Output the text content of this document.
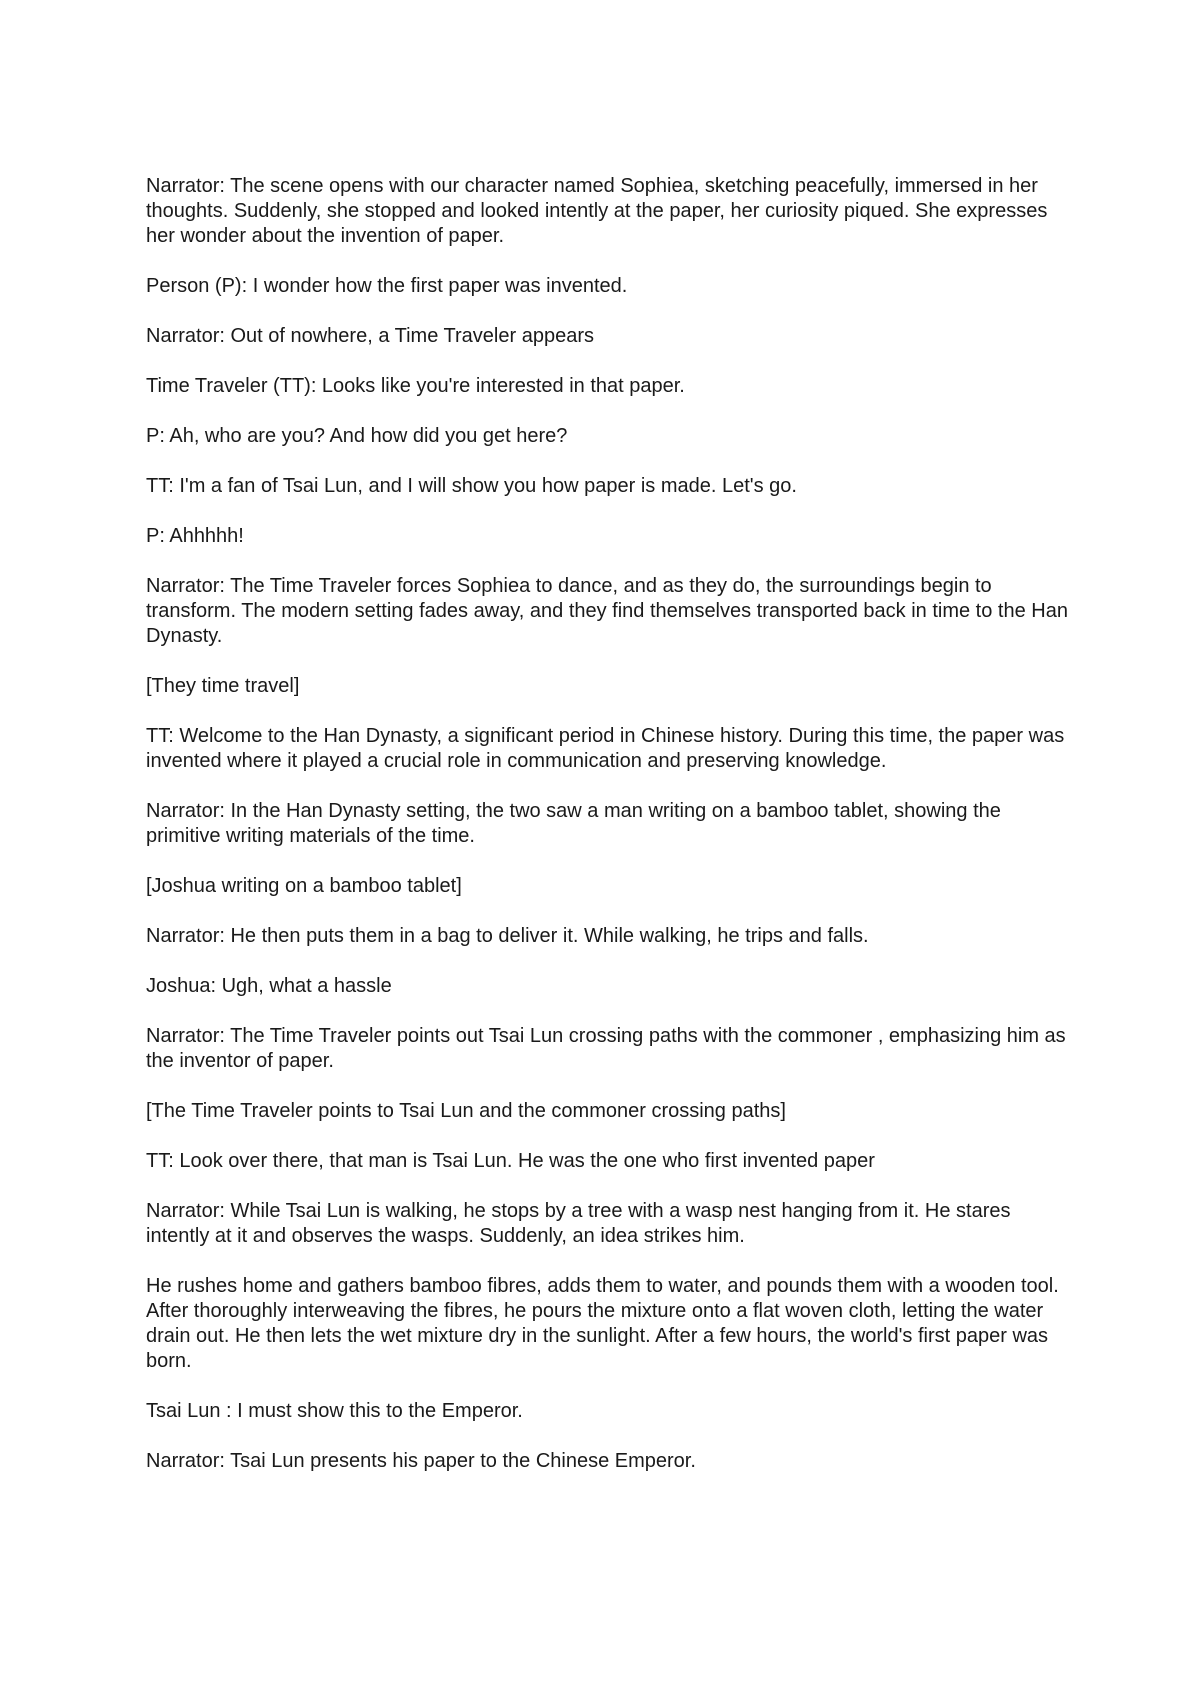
Narrator: The scene opens with our character named Sophiea, sketching peacefully, immersed in her thoughts. Suddenly, she stopped and looked intently at the paper, her curiosity piqued. She expresses her wonder about the invention of paper.

Person (P): I wonder how the first paper was invented.

Narrator: Out of nowhere, a Time Traveler appears

Time Traveler (TT): Looks like you're interested in that paper.

P: Ah, who are you? And how did you get here?

TT: I'm a fan of Tsai Lun, and I will show you how paper is made. Let's go.

P: Ahhhhh!

Narrator: The Time Traveler forces Sophiea to dance, and as they do, the surroundings begin to transform. The modern setting fades away, and they find themselves transported back in time to the Han Dynasty.

[They time travel]

TT: Welcome to the Han Dynasty, a significant period in Chinese history. During this time, the paper was invented where it played a crucial role in communication and preserving knowledge.

Narrator: In the Han Dynasty setting, the two saw a man writing on a bamboo tablet, showing the primitive writing materials of the time.

[Joshua writing on a bamboo tablet]

Narrator: He then puts them in a bag to deliver it. While walking, he trips and falls.

Joshua: Ugh, what a hassle

Narrator: The Time Traveler points out Tsai Lun crossing paths with the commoner , emphasizing him as the inventor of paper.

[The Time Traveler points to Tsai Lun and the commoner crossing paths]

TT: Look over there, that man is Tsai Lun. He was the one who first invented paper

Narrator: While Tsai Lun is walking, he stops by a tree with a wasp nest hanging from it. He stares intently at it and observes the wasps. Suddenly, an idea strikes him.

He rushes home and gathers bamboo fibres, adds them to water, and pounds them with a wooden tool. After thoroughly interweaving the fibres, he pours the mixture onto a flat woven cloth, letting the water drain out. He then lets the wet mixture dry in the sunlight. After a few hours, the world's first paper was born.

Tsai Lun : I must show this to the Emperor.

Narrator: Tsai Lun presents his paper to the Chinese Emperor.
